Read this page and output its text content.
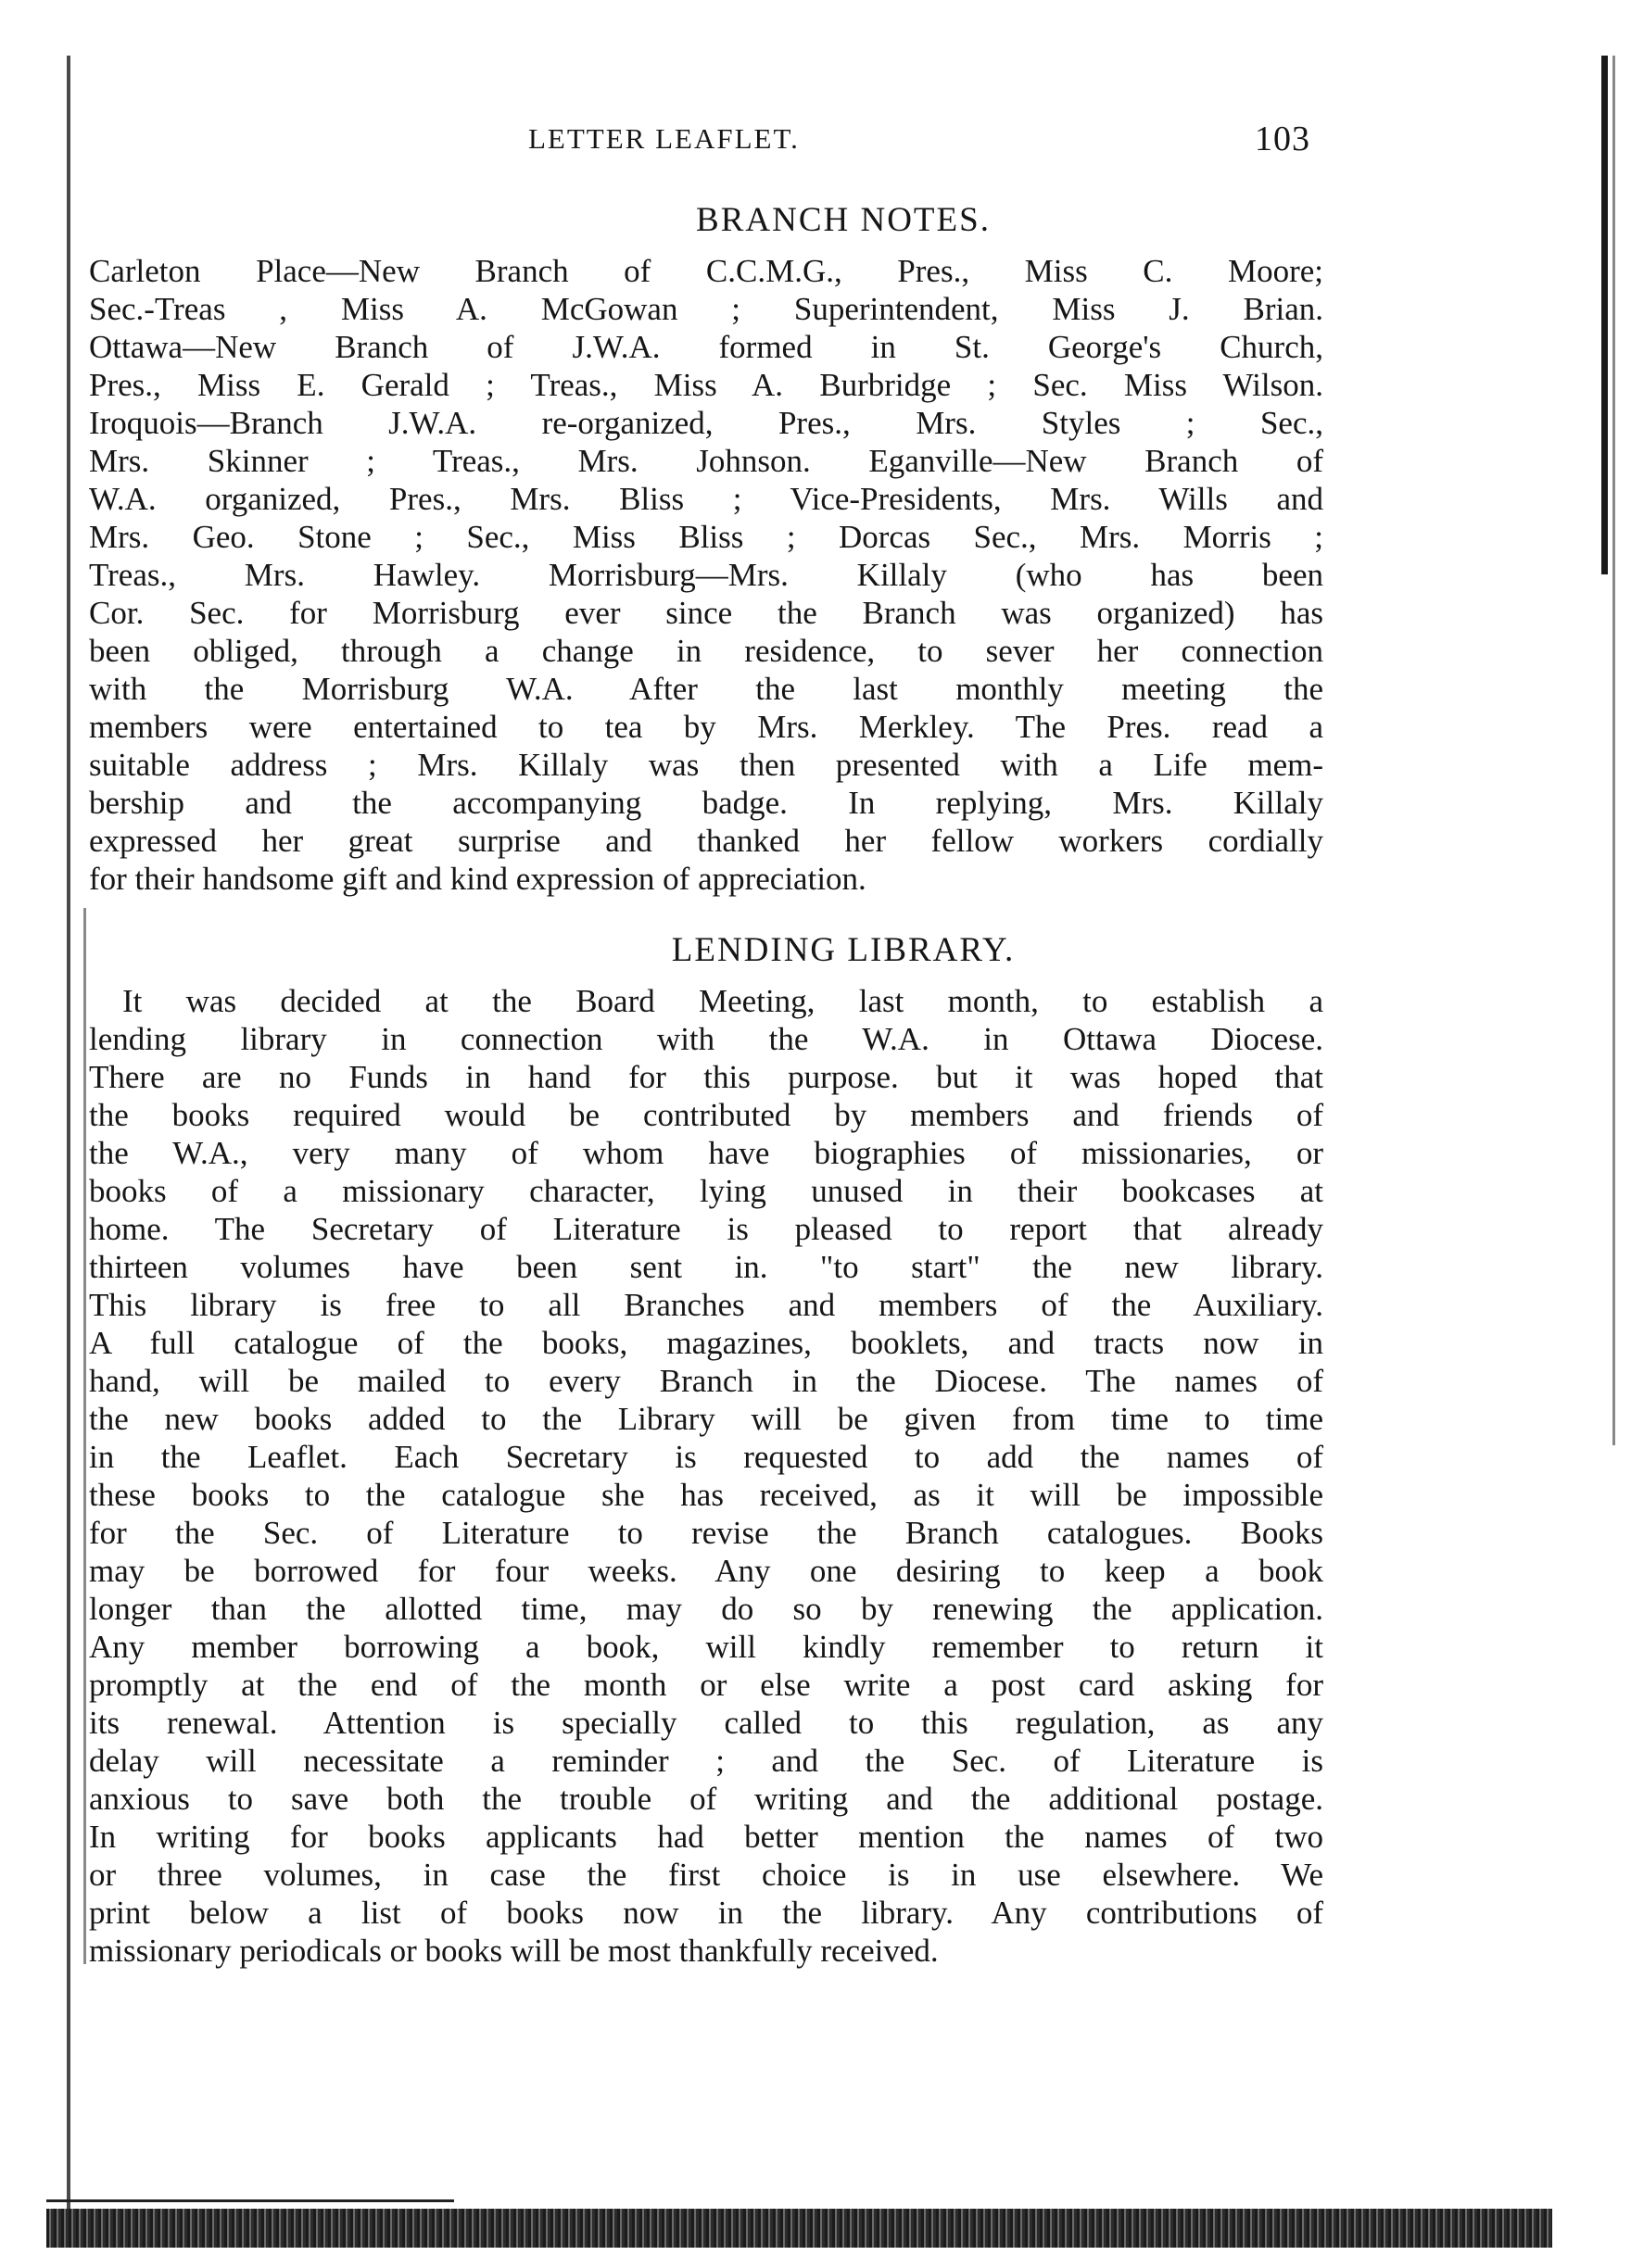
LETTER LEAFLET.	103
BRANCH NOTES.
Carleton Place—New Branch of C.C.M.G., Pres., Miss C. Moore;
Sec.-Treas , Miss A. McGowan ; Superintendent, Miss J. Brian.
Ottawa—New Branch of J.W.A. formed in St. George's Church,
Pres., Miss E. Gerald ; Treas., Miss A. Burbridge ; Sec. Miss Wilson.
Iroquois—Branch J.W.A. re-organized, Pres., Mrs. Styles ; Sec.,
Mrs. Skinner ; Treas., Mrs. Johnson. Eganville—New Branch of
W.A. organized, Pres., Mrs. Bliss ; Vice-Presidents, Mrs. Wills and
Mrs. Geo. Stone ; Sec., Miss Bliss ; Dorcas Sec., Mrs. Morris ;
Treas., Mrs. Hawley. Morrisburg—Mrs. Killaly (who has been
Cor. Sec. for Morrisburg ever since the Branch was organized) has
been obliged, through a change in residence, to sever her connection
with the Morrisburg W.A. After the last monthly meeting the
members were entertained to tea by Mrs. Merkley. The Pres. read a
suitable address ; Mrs. Killaly was then presented with a Life mem-
bership and the accompanying badge. In replying, Mrs. Killaly
expressed her great surprise and thanked her fellow workers cordially
for their handsome gift and kind expression of appreciation.
LENDING LIBRARY.
It was decided at the Board Meeting, last month, to establish a
lending library in connection with the W.A. in Ottawa Diocese.
There are no Funds in hand for this purpose. but it was hoped that
the books required would be contributed by members and friends of
the W.A., very many of whom have biographies of missionaries, or
books of a missionary character, lying unused in their bookcases at
home. The Secretary of Literature is pleased to report that already
thirteen volumes have been sent in. "to start" the new library.
This library is free to all Branches and members of the Auxiliary.
A full catalogue of the books, magazines, booklets, and tracts now in
hand, will be mailed to every Branch in the Diocese. The names of
the new books added to the Library will be given from time to time
in the Leaflet. Each Secretary is requested to add the names of
these books to the catalogue she has received, as it will be impossible
for the Sec. of Literature to revise the Branch catalogues. Books
may be borrowed for four weeks. Any one desiring to keep a book
longer than the allotted time, may do so by renewing the application.
Any member borrowing a book, will kindly remember to return it
promptly at the end of the month or else write a post card asking for
its renewal. Attention is specially called to this regulation, as any
delay will necessitate a reminder ; and the Sec. of Literature is
anxious to save both the trouble of writing and the additional postage.
In writing for books applicants had better mention the names of two
or three volumes, in case the first choice is in use elsewhere. We
print below a list of books now in the library. Any contributions of
missionary periodicals or books will be most thankfully received.
